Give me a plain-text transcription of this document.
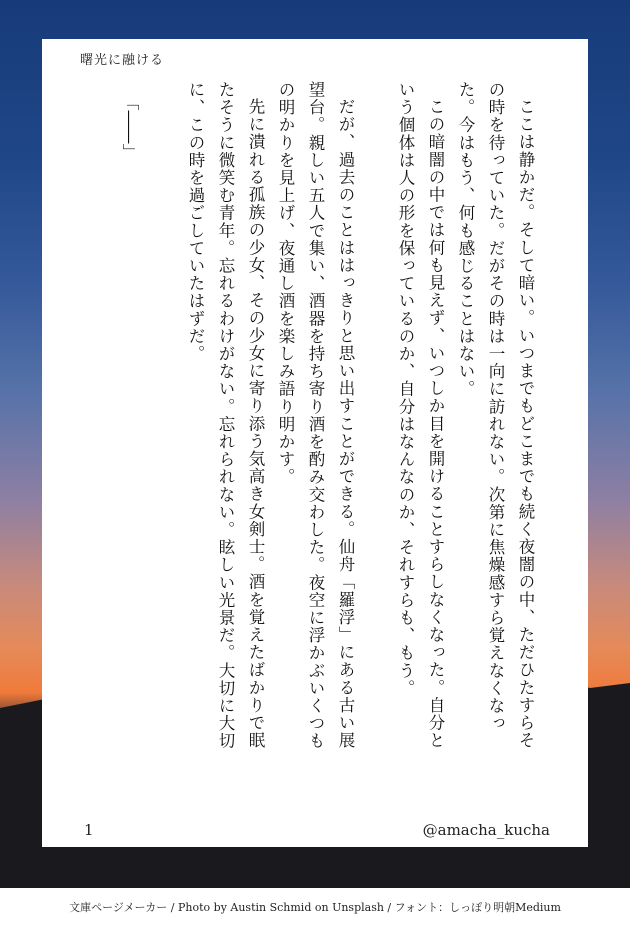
曙光に融ける

ここは静かだ。そして暗い。いつまでもどこまでも続く夜闇の中、ただひたすらその時を待っていた。だがその時は一向に訪れない。次第に焦燥感すら覚えなくなった。今はもう、何も感じることはない。

この暗闇の中では何も見えず、いつしか目を開けることすらしなくなった。自分という個体は人の形を保っているのか、自分はなんなのか、それすらも、もう。

だが、過去のことははっきりと思い出すことができる。仙舟「羅浮」にある古い展望台。親しい五人で集い、酒器を持ち寄り酒を酌み交わした。夜空に浮かぶいくつもの明かりを見上げ、夜通し酒を楽しみ語り明かす。

先に潰れる孤族の少女、その少女に寄り添う気高き女剣士。酒を覚えたばかりで眠たそうに微笑む青年。忘れるわけがない。忘れられない。眩しい光景だ。大切に大切に、この時を過ごしていたはずだ。

「――」
1	@amacha_kucha
文庫ページメーカー / Photo by Austin Schmid on Unsplash / フォント：しっぽり明朝Medium
